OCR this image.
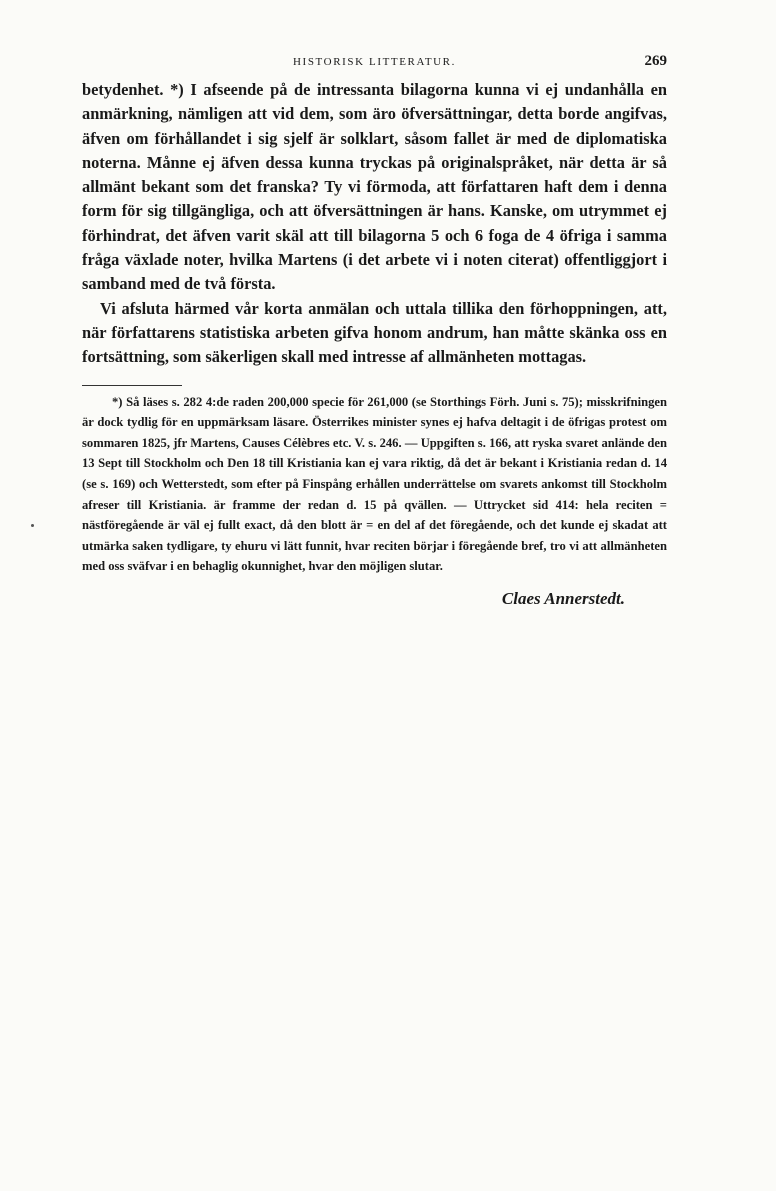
HISTORISK LITTERATUR.	269

betydenhet. *) I afseende på de intressanta bilagorna kunna vi ej undanhålla en anmärkning, nämligen att vid dem, som äro öfversättningar, detta borde angifvas, äfven om förhållandet i sig sjelf är solklart, såsom fallet är med de diplomatiska noterna. Månne ej äfven dessa kunna tryckas på originalspråket, när detta är så allmänt bekant som det franska? Ty vi förmoda, att författaren haft dem i denna form för sig tillgängliga, och att öfversättningen är hans. Kanske, om utrymmet ej förhindrat, det äfven varit skäl att till bilagorna 5 och 6 foga de 4 öfriga i samma fråga växlade noter, hvilka Martens (i det arbete vi i noten citerat) offentliggjort i samband med de två första.

Vi afsluta härmed vår korta anmälan och uttala tillika den förhoppningen, att, när författarens statistiska arbeten gifva honom andrum, han måtte skänka oss en fortsättning, som säkerligen skall med intresse af allmänheten mottagas.

*) Så läses s. 282 4:de raden 200,000 specie för 261,000 (se Storthings Förh. Juni s. 75); misskrifningen är dock tydlig för en uppmärksam läsare. Österrikes minister synes ej hafva deltagit i de öfrigas protest om sommaren 1825, jfr Martens, Causes Célèbres etc. V. s. 246. — Uppgiften s. 166, att ryska svaret anlände den 13 Sept till Stockholm och Den 18 till Kristiania kan ej vara riktig, då det är bekant i Kristiania redan d. 14 (se s. 169) och Wetterstedt, som efter på Finspång erhållen underrättelse om svarets ankomst till Stockholm afreser till Kristiania. är framme der redan d. 15 på qvällen. — Uttrycket sid 414: hela reciten = nästföregående är väl ej fullt exact, då den blott är = en del af det föregående, och det kunde ej skadat att utmärka saken tydligare, ty ehuru vi lätt funnit, hvar reciten börjar i föregående bref, tro vi att allmänheten med oss sväfvar i en behaglig okunnighet, hvar den möjligen slutar.

Claes Annerstedt.
